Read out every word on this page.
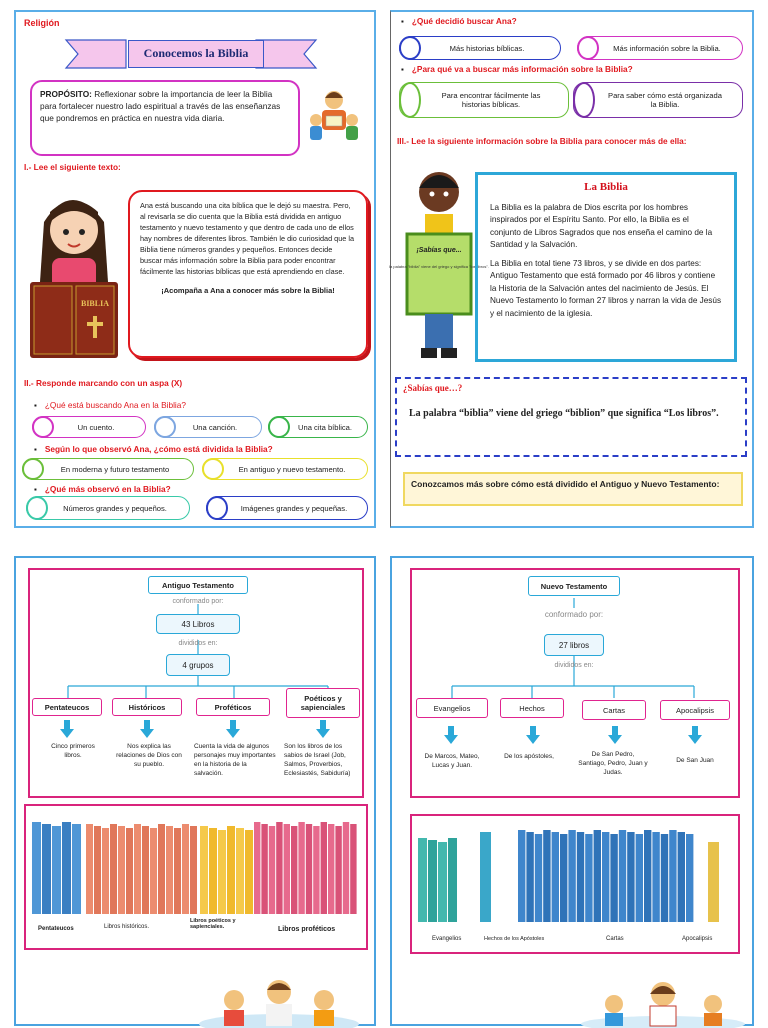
Religión
Conocemos la Biblia
PROPÓSITO: Reflexionar sobre la importancia de leer la Biblia para fortalecer nuestro lado espiritual a través de las enseñanzas que pondremos en práctica en nuestra vida diaria.
I.- Lee el siguiente texto:
BIBLIA
Ana está buscando una cita bíblica que le dejó su maestra. Pero, al revisarla se dio cuenta que la Biblia está dividida en antiguo testamento y nuevo testamento y que dentro de cada uno de ellos hay nombres de diferentes libros. También le dio curiosidad que la Biblia tiene números grandes y pequeños. Entonces decide buscar más información sobre la Biblia para poder encontrar fácilmente las historias bíblicas que está aprendiendo en clase.
¡Acompaña a Ana a conocer más sobre la Biblia!
II.- Responde marcando con un aspa (X)
▪ ¿Qué está buscando Ana en la Biblia?
Un cuento.	Una canción.	Una cita bíblica.
▪ Según lo que observó Ana, ¿cómo está dividida la Biblia?
En moderna y futuro testamento	En antiguo y nuevo testamento.
▪ ¿Qué más observó en la Biblia?
Números grandes y pequeños.	Imágenes grandes y pequeñas.
▪ ¿Qué decidió buscar Ana?
Más historias bíblicas.	Más información sobre la Biblia.
▪ ¿Para qué va a buscar más información sobre la Biblia?
Para encontrar fácilmente las historias bíblicas.
Para saber cómo está organizada la Biblia.
III.- Lee la siguiente información sobre la Biblia para conocer más de ella:
¡Sabías que...
la palabra "biblia" viene del griego y significa "los libros".
La Biblia

La Biblia es la palabra de Dios escrita por los hombres inspirados por el Espíritu Santo. Por ello, la Biblia es el conjunto de Libros Sagrados que nos enseña el camino de la Santidad y la Salvación.

La Biblia en total tiene 73 libros, y se divide en dos partes: Antiguo Testamento que está formado por 46 libros y contiene la Historia de la Salvación antes del nacimiento de Jesús. El Nuevo Testamento lo forman 27 libros y narran la vida de Jesús y el nacimiento de la iglesia.

¿Sabías que…?

La palabra “biblia” viene del griego “biblion” que significa “Los libros”.

Conozcamos más sobre cómo está dividido el Antiguo y Nuevo Testamento:
Antiguo Testamento
conformado por:
43 Libros
divididos en:
4 grupos
Pentateucos	Históricos	Proféticos
Poéticos y sapienciales
Cinco primeros libros.
Nos explica las relaciones de Dios con su pueblo.
Cuenta la vida de algunos personajes muy importantes en la historia de la salvación.
Son los libros de los sabios de Israel (Job, Salmos, Proverbios, Eclesiastés, Sabiduría)
Pentateucos	Libros históricos.
Libros poéticos y sapienciales.	Libros proféticos
Nuevo Testamento
conformado por:
27 libros
divididos en:
Evangelios	Hechos	Cartas	Apocalipsis
De Marcos, Mateo, Lucas y Juan.
De los apóstoles,	De San Pedro, Santiago, Pedro, Juan y Judas.
De San Juan
Evangelios	Hechos de los Apóstoles	Cartas	Apocalipsis
